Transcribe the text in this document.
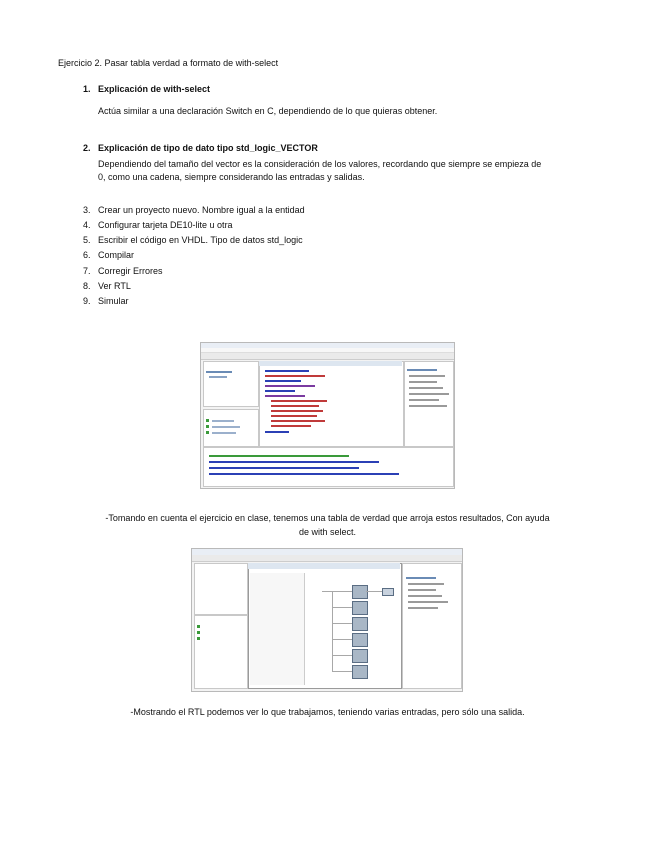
Ejercicio 2. Pasar tabla verdad a formato de with-select
1. Explicación de with-select
Actúa similar a una declaración Switch en C, dependiendo de lo que quieras obtener.
2. Explicación de tipo de dato tipo std_logic_VECTOR
Dependiendo del tamaño del vector es la consideración de los valores, recordando que siempre se empieza de
0, como una cadena, siempre considerando las entradas y salidas.
3. Crear un proyecto nuevo. Nombre igual a la entidad
4. Configurar tarjeta DE10-lite u otra
5. Escribir el código en VHDL. Tipo de datos std_logic
6. Compilar
7. Corregir Errores
8. Ver RTL
9. Simular
-Tomando en cuenta el ejercicio en clase, tenemos una tabla de verdad que arroja estos resultados, Con ayuda
de with select.
-Mostrando el RTL podemos ver lo que trabajamos, teniendo varias entradas, pero sólo una salida.
